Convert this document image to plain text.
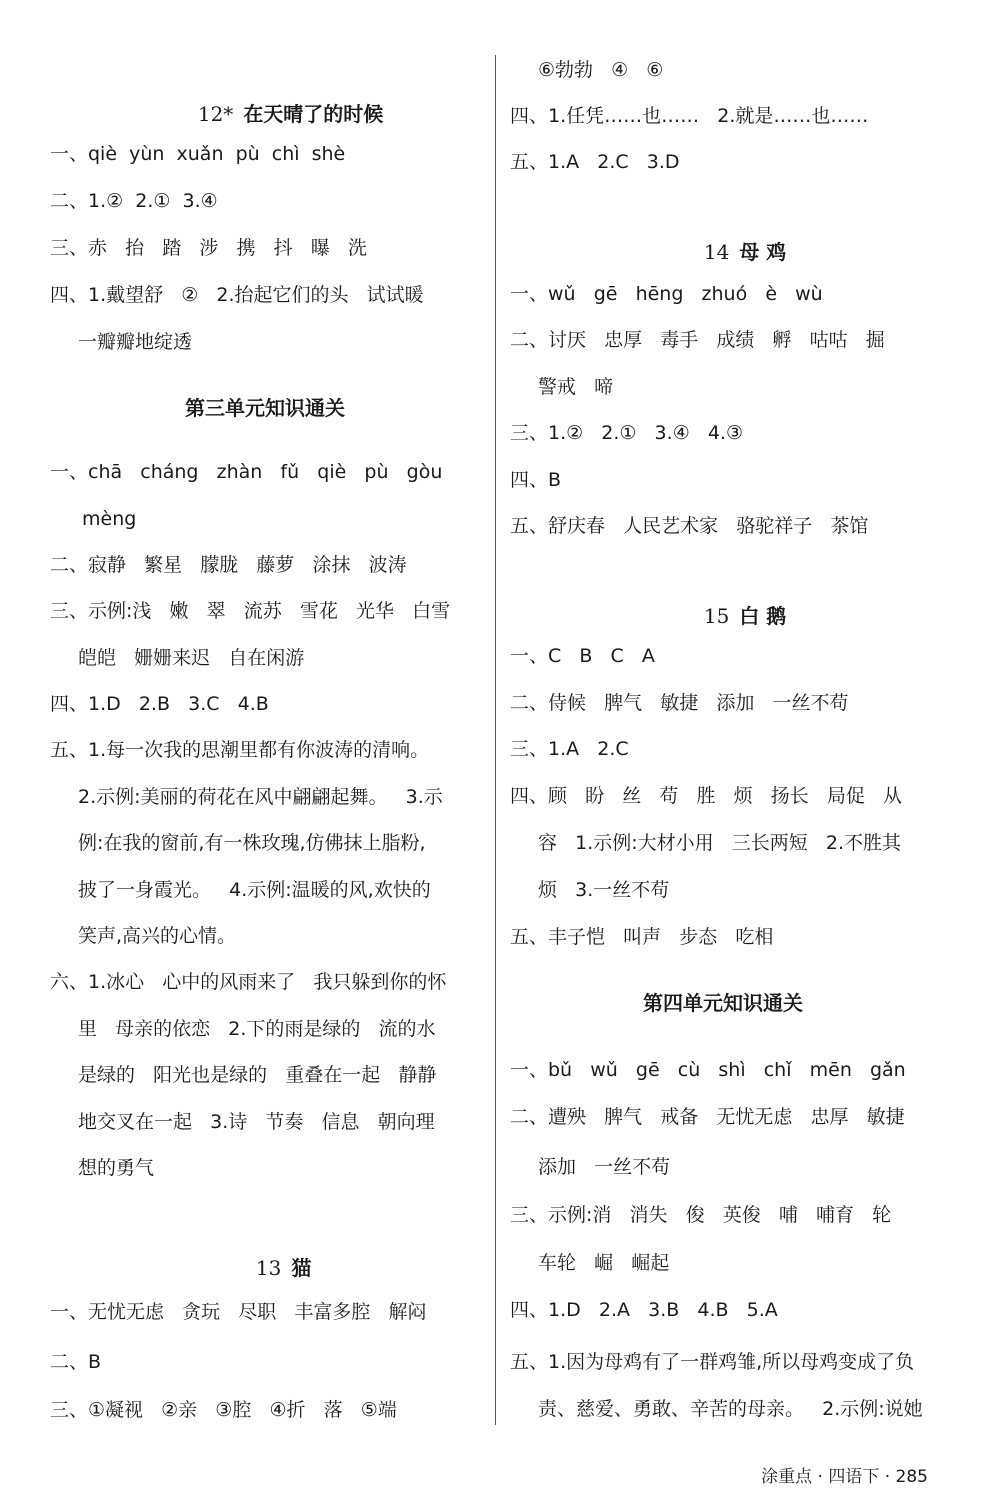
12* 在天晴了的时候

一、qiè  yùn  xuǎn  pù  chì  shè
二、1.②  2.①  3.④
三、赤   抬   踏   涉   携   抖   曝   洗
四、1.戴望舒   ②   2.抬起它们的头   试试暖
一瓣瓣地绽透
第三单元知识通关
一、chā   cháng   zhàn   fǔ   qiè   pù   gòu
mèng
二、寂静   繁星   朦胧   藤萝   涂抹   波涛
三、示例:浅   嫩   翠   流苏   雪花   光华   白雪
皑皑   姗姗来迟   自在闲游
四、1.D   2.B   3.C   4.B
五、1.每一次我的思潮里都有你波涛的清响。
2.示例:美丽的荷花在风中翩翩起舞。   3.示
例:在我的窗前,有一株玫瑰,仿佛抹上脂粉,
披了一身霞光。   4.示例:温暖的风,欢快的
笑声,高兴的心情。
六、1.冰心   心中的风雨来了   我只躲到你的怀
里   母亲的依恋   2.下的雨是绿的   流的水
是绿的   阳光也是绿的   重叠在一起   静静
地交叉在一起   3.诗   节奏   信息   朝向理
想的勇气

13 猫

一、无忧无虑   贪玩   尽职   丰富多腔   解闷
二、B
三、①凝视   ②亲   ③腔   ④折   落   ⑤端
⑥勃勃   ④   ⑥
四、1.任凭……也……   2.就是……也……
五、1.A   2.C   3.D

14 母 鸡

一、wǔ   gē   hēng   zhuó   è   wù
二、讨厌   忠厚   毒手   成绩   孵   咕咕   掘
警戒   啼
三、1.②   2.①   3.④   4.③
四、B
五、舒庆春   人民艺术家   骆驼祥子   茶馆

15 白 鹅

一、C   B   C   A
二、侍候   脾气   敏捷   添加   一丝不苟
三、1.A   2.C
四、顾   盼   丝   苟   胜   烦   扬长   局促   从
容   1.示例:大材小用   三长两短   2.不胜其
烦   3.一丝不苟
五、丰子恺   叫声   步态   吃相
第四单元知识通关
一、bǔ   wǔ   gē   cù   shì   chǐ   mēn   gǎn
二、遭殃   脾气   戒备   无忧无虑   忠厚   敏捷
添加   一丝不苟
三、示例:消   消失   俊   英俊   哺   哺育   轮
车轮   崛   崛起
四、1.D   2.A   3.B   4.B   5.A
五、1.因为母鸡有了一群鸡雏,所以母鸡变成了负
责、慈爱、勇敢、辛苦的母亲。   2.示例:说她
涂重点 · 四语下 · 285
